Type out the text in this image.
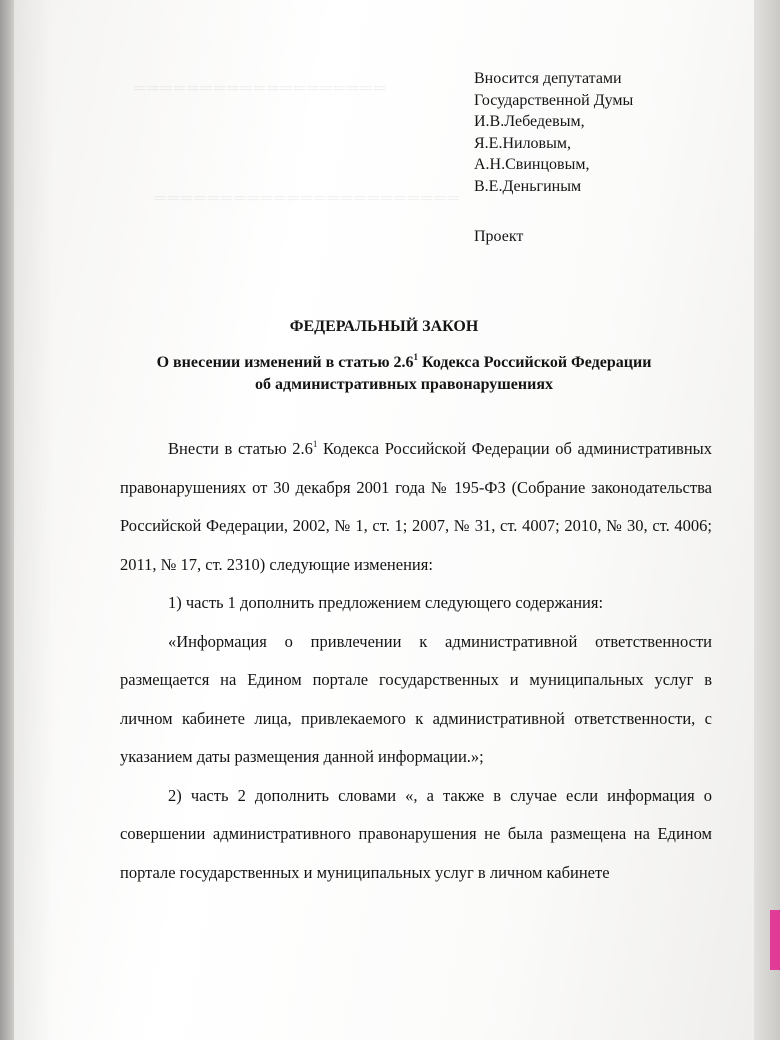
═══════════════════
═══════════════════════
Вносится депутатами
Государственной Думы
И.В.Лебедевым,
Я.Е.Ниловым,
А.Н.Свинцовым,
В.Е.Деньгиным
Проект
ФЕДЕРАЛЬНЫЙ ЗАКОН
О внесении изменений в статью $2.6^1$ Кодекса Российской Федерации
об административных правонарушениях

Внести в статью $2.6^1$ Кодекса Российской Федерации об административных правонарушениях от 30 декабря 2001 года № 195-ФЗ (Собрание законодательства Российской Федерации, 2002, № 1, ст. 1; 2007, № 31, ст. 4007; 2010, № 30, ст. 4006; 2011, № 17, ст. 2310) следующие изменения:

1) часть 1 дополнить предложением следующего содержания:

«Информация о привлечении к административной ответственности размещается на Едином портале государственных и муниципальных услуг в личном кабинете лица, привлекаемого к административной ответственности, с указанием даты размещения данной информации.»;

2) часть 2 дополнить словами «, а также в случае если информация о совершении административного правонарушения не была размещена на Едином портале государственных и муниципальных услуг в личном кабинете
